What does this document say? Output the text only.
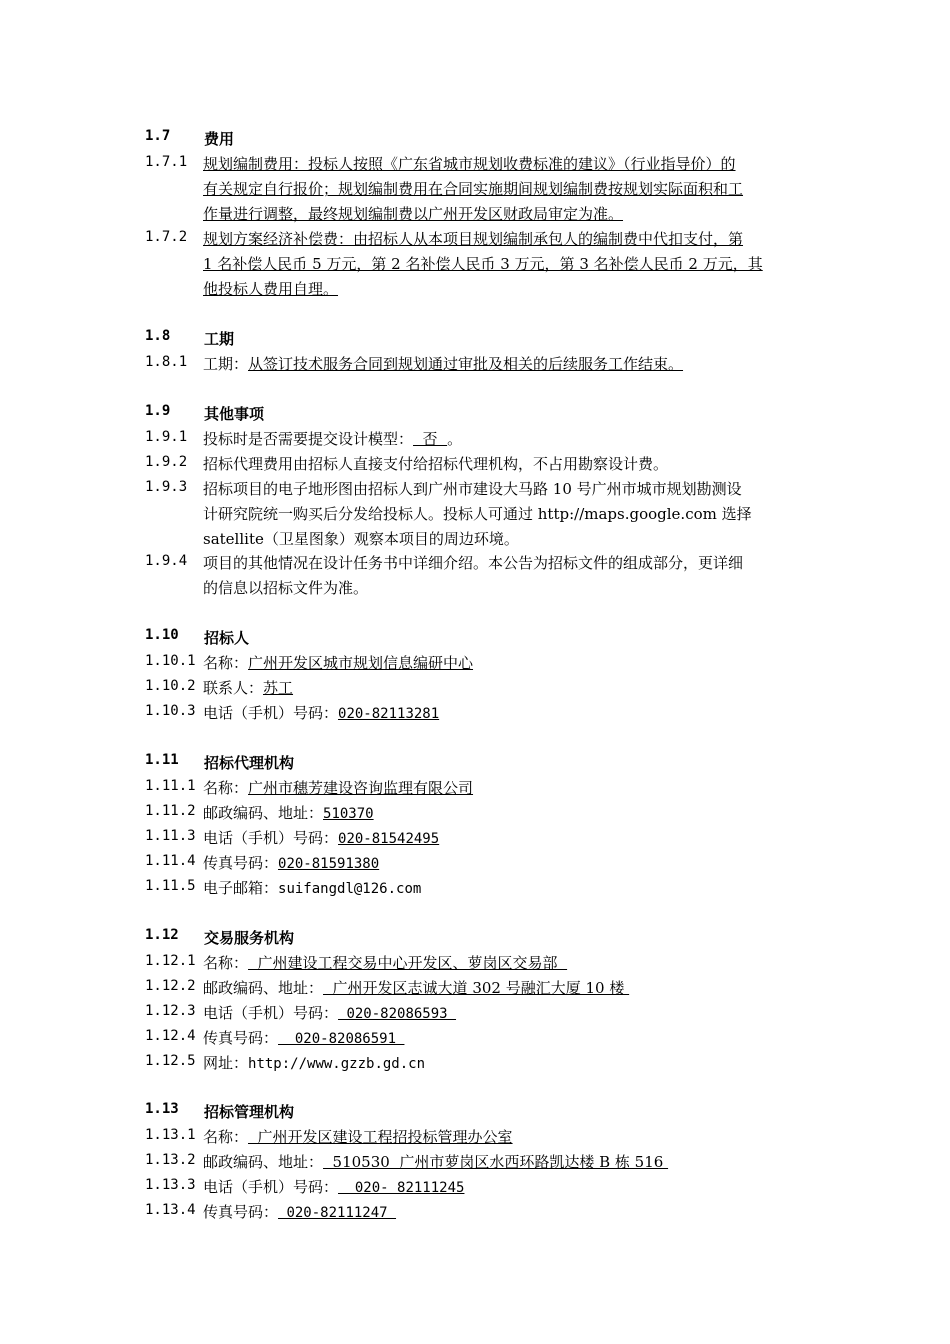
1.7 费用
1.7.1 规划编制费用：投标人按照《广东省城市规划收费标准的建议》（行业指导价）的
有关规定自行报价；规划编制费用在合同实施期间规划编制费按规划实际面积和工
作量进行调整，最终规划编制费以广州开发区财政局审定为准。
1.7.2 规划方案经济补偿费：由招标人从本项目规划编制承包人的编制费中代扣支付，第
1 名补偿人民币 5 万元，第 2 名补偿人民币 3 万元，第 3 名补偿人民币 2 万元，其
他投标人费用自理。
1.8 工期
1.8.1 工期：从签订技术服务合同到规划通过审批及相关的后续服务工作结束。
1.9 其他事项
1.9.1 投标时是否需要提交设计模型：  否  。
1.9.2 招标代理费用由招标人直接支付给招标代理机构，不占用勘察设计费。
1.9.3 招标项目的电子地形图由招标人到广州市建设大马路 10 号广州市城市规划勘测设
计研究院统一购买后分发给投标人。投标人可通过 http://maps.google.com 选择
satellite（卫星图象）观察本项目的周边环境。
1.9.4 项目的其他情况在设计任务书中详细介绍。本公告为招标文件的组成部分，更详细
的信息以招标文件为准。
1.10 招标人
1.10.1 名称：广州开发区城市规划信息编研中心
1.10.2 联系人：苏工
1.10.3 电话（手机）号码：020-82113281
1.11 招标代理机构
1.11.1 名称：广州市穗芳建设咨询监理有限公司
1.11.2 邮政编码、地址：510370
1.11.3 电话（手机）号码：020-81542495
1.11.4 传真号码：020-81591380
1.11.5 电子邮箱：suifangdl@126.com
1.12 交易服务机构
1.12.1 名称：  广州建设工程交易中心开发区、萝岗区交易部
1.12.2 邮政编码、地址：  广州开发区志诚大道 302 号融汇大厦 10 楼
1.12.3 电话（手机）号码： 020-82086593
1.12.4 传真号码：  020-82086591
1.12.5 网址：http://www.gzzb.gd.cn
1.13 招标管理机构
1.13.1 名称：  广州开发区建设工程招投标管理办公室
1.13.2 邮政编码、地址：  510530  广州市萝岗区水西环路凯达楼 B 栋 516
1.13.3 电话（手机）号码：  020- 82111245
1.13.4 传真号码： 020-82111247
